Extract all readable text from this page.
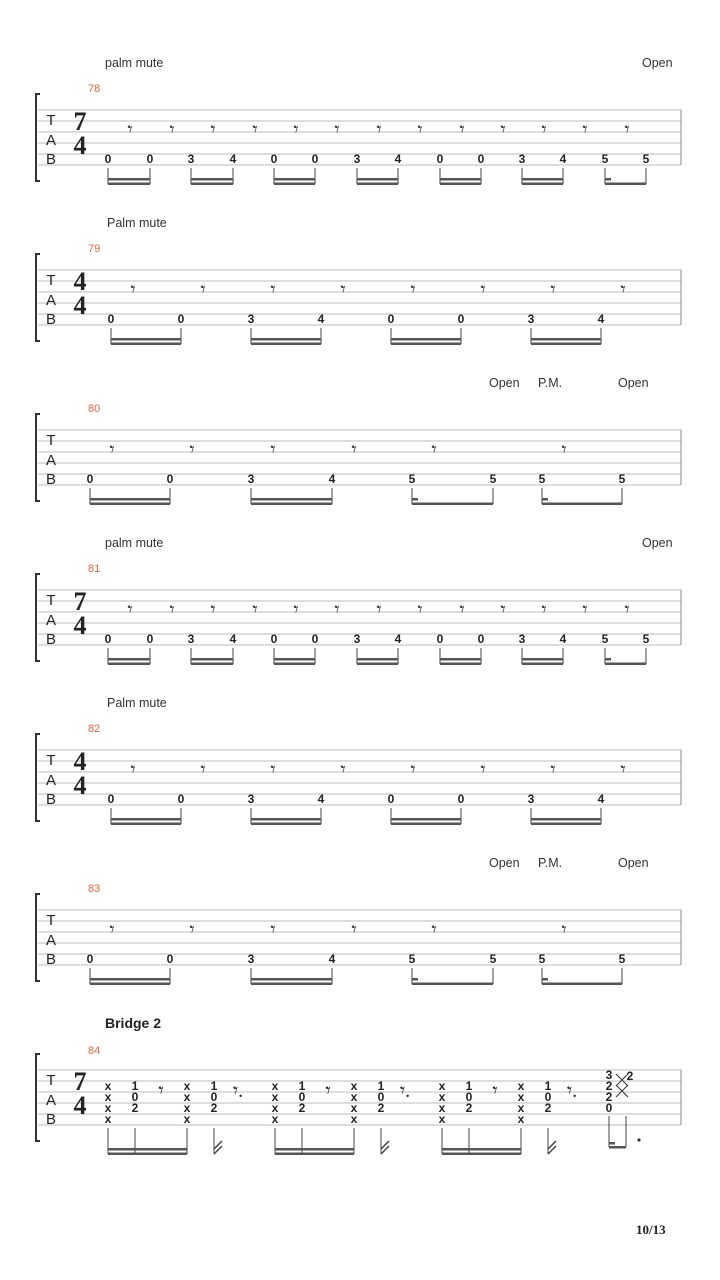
palm mute	Open
78
T
A
B
7
4 0
𝄾
0
𝄾
3
𝄾
4
𝄾
0
𝄾
0
𝄾
3
𝄾
4
𝄾
0
𝄾
0
𝄾
3
𝄾
4
𝄾
5
𝄾
5
Palm mute
79
T
A
B
4
4 0
𝄾
0
𝄾
3
𝄾
4
𝄾
0
𝄾
0
𝄾
3
𝄾
4
𝄾
Open P.M.	Open
80
T
A
B	0
𝄾
0
𝄾
3
𝄾
4
𝄾
5
𝄾
5	5
𝄾
5
palm mute	Open
81
T
A
B
7
4 0
𝄾
0
𝄾
3
𝄾
4
𝄾
0
𝄾
0
𝄾
3
𝄾
4
𝄾
0
𝄾
0
𝄾
3
𝄾
4
𝄾
5
𝄾
5
Palm mute
82
T
A
B
4
4 0
𝄾
0
𝄾
3
𝄾
4
𝄾
0
𝄾
0
𝄾
3
𝄾
4
𝄾
Open P.M.	Open
83
T
A
B	0
𝄾
0
𝄾
3
𝄾
4
𝄾
5
𝄾
5	5
𝄾
5
Bridge 2
84
T
A
B
7
4
x
x
x
x
1
0
2
𝄾 x
x
x
x
1
0
2
𝄾. x
x
x
x
1
0
2
𝄾 x
x
x
x
1
0
2
𝄾. x
x
x
x
1
0
2
𝄾 x
x
x
x
1
0
2
𝄾.
3
2
2
0
2
10/13
